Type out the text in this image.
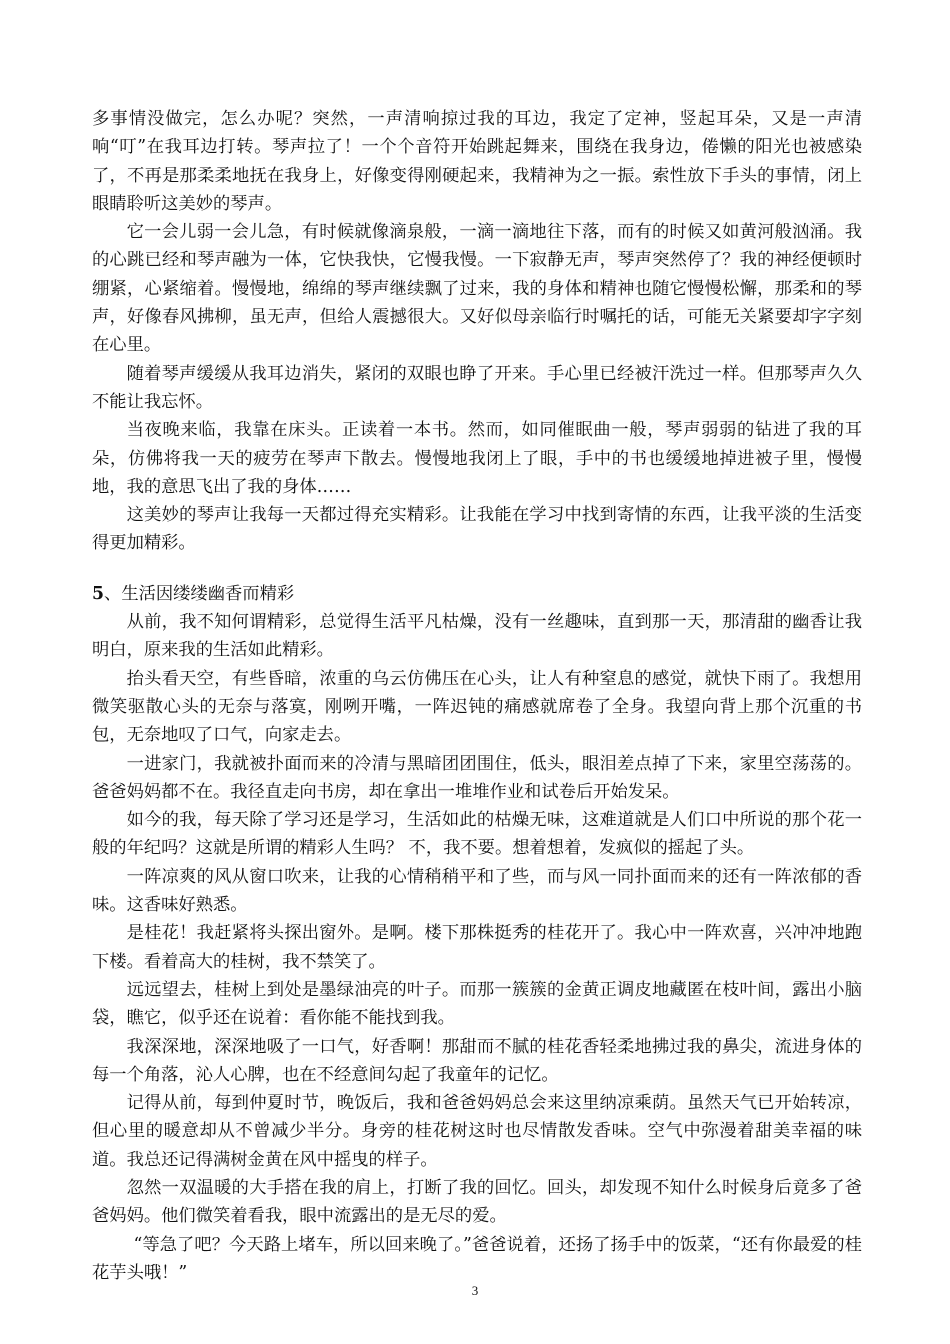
多事情没做完，怎么办呢？突然，一声清响掠过我的耳边，我定了定神，竖起耳朵，又是一声清响“叮”在我耳边打转。琴声拉了！一个个音符开始跳起舞来，围绕在我身边，倦懒的阳光也被感染了，不再是那柔柔地抚在我身上，好像变得刚硬起来，我精神为之一振。索性放下手头的事情，闭上眼睛聆听这美妙的琴声。

它一会儿弱一会儿急，有时候就像滴泉般，一滴一滴地往下落，而有的时候又如黄河般汹涌。我的心跳已经和琴声融为一体，它快我快，它慢我慢。一下寂静无声，琴声突然停了？我的神经便顿时绷紧，心紧缩着。慢慢地，绵绵的琴声继续飘了过来，我的身体和精神也随它慢慢松懈，那柔和的琴声，好像春风拂柳，虽无声，但给人震撼很大。又好似母亲临行时嘱托的话，可能无关紧要却字字刻在心里。

随着琴声缓缓从我耳边消失，紧闭的双眼也睁了开来。手心里已经被汗洗过一样。但那琴声久久不能让我忘怀。

当夜晚来临，我靠在床头。正读着一本书。然而，如同催眠曲一般，琴声弱弱的钻进了我的耳朵，仿佛将我一天的疲劳在琴声下散去。慢慢地我闭上了眼，手中的书也缓缓地掉进被子里，慢慢地，我的意思飞出了我的身体……

这美妙的琴声让我每一天都过得充实精彩。让我能在学习中找到寄情的东西，让我平淡的生活变得更加精彩。

5、生活因缕缕幽香而精彩

从前，我不知何谓精彩，总觉得生活平凡枯燥，没有一丝趣味，直到那一天，那清甜的幽香让我明白，原来我的生活如此精彩。

抬头看天空，有些昏暗，浓重的乌云仿佛压在心头，让人有种窒息的感觉，就快下雨了。我想用微笑驱散心头的无奈与落寞，刚咧开嘴，一阵迟钝的痛感就席卷了全身。我望向背上那个沉重的书包，无奈地叹了口气，向家走去。

一进家门，我就被扑面而来的冷清与黑暗团团围住，低头，眼泪差点掉了下来，家里空荡荡的。爸爸妈妈都不在。我径直走向书房，却在拿出一堆堆作业和试卷后开始发呆。

如今的我，每天除了学习还是学习，生活如此的枯燥无味，这难道就是人们口中所说的那个花一般的年纪吗？这就是所谓的精彩人生吗？ 不，我不要。想着想着，发疯似的摇起了头。

一阵凉爽的风从窗口吹来，让我的心情稍稍平和了些，而与风一同扑面而来的还有一阵浓郁的香味。这香味好熟悉。

是桂花！我赶紧将头探出窗外。是啊。楼下那株挺秀的桂花开了。我心中一阵欢喜，兴冲冲地跑下楼。看着高大的桂树，我不禁笑了。

远远望去，桂树上到处是墨绿油亮的叶子。而那一簇簇的金黄正调皮地藏匿在枝叶间，露出小脑袋，瞧它，似乎还在说着：看你能不能找到我。

我深深地，深深地吸了一口气，好香啊！那甜而不腻的桂花香轻柔地拂过我的鼻尖，流进身体的每一个角落，沁人心脾，也在不经意间勾起了我童年的记忆。

记得从前，每到仲夏时节，晚饭后，我和爸爸妈妈总会来这里纳凉乘荫。虽然天气已开始转凉，但心里的暖意却从不曾减少半分。身旁的桂花树这时也尽情散发香味。空气中弥漫着甜美幸福的味道。我总还记得满树金黄在风中摇曳的样子。

忽然一双温暖的大手搭在我的肩上，打断了我的回忆。回头，却发现不知什么时候身后竟多了爸爸妈妈。他们微笑着看我，眼中流露出的是无尽的爱。

“等急了吧？今天路上堵车，所以回来晚了。”爸爸说着，还扬了扬手中的饭菜，“还有你最爱的桂花芋头哦！”

3
